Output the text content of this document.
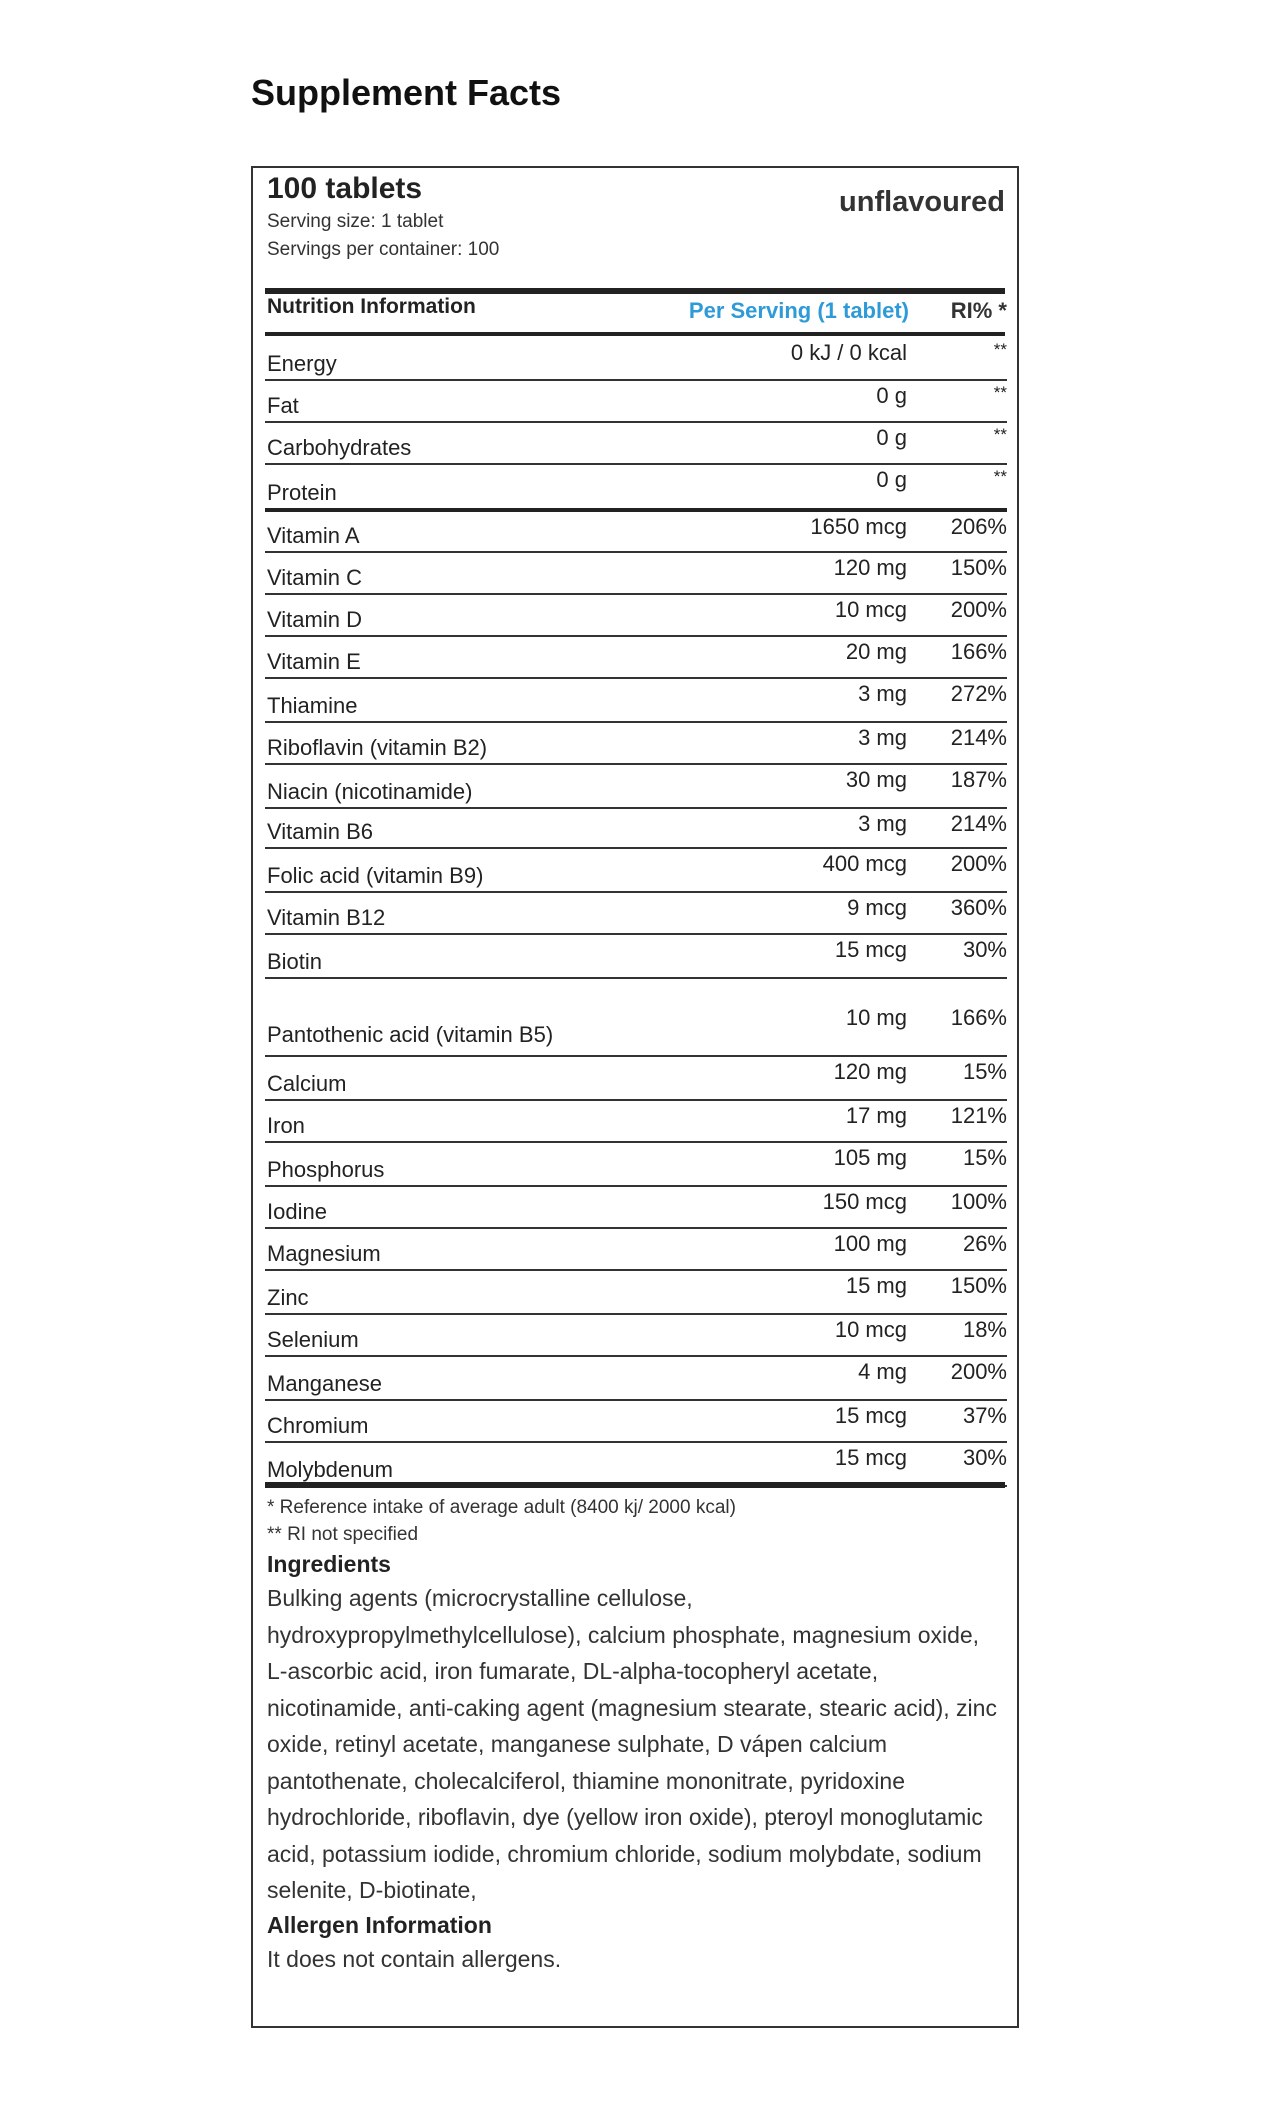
Supplement Facts
100 tablets
Serving size: 1 tablet
Servings per container: 100
unflavoured
Nutrition Information	Per Serving (1 tablet) RI% *
Energy	0 kJ / 0 kcal	**
Fat	0 g	**
Carbohydrates	0 g	**
Protein	0 g	**
Vitamin A	1650 mcg	206%
Vitamin C	120 mg	150%
Vitamin D	10 mcg	200%
Vitamin E	20 mg	166%
Thiamine	3 mg	272%
Riboflavin (vitamin B2)	3 mg	214%
Niacin (nicotinamide)	30 mg	187%
Vitamin B6	3 mg	214%
Folic acid (vitamin B9)	400 mcg	200%
Vitamin B12	9 mcg	360%
Biotin	15 mcg	30%
Pantothenic acid (vitamin B5)	10 mg	166%
Calcium	120 mg	15%
Iron	17 mg	121%
Phosphorus	105 mg	15%
Iodine	150 mcg	100%
Magnesium	100 mg	26%
Zinc	15 mg	150%
Selenium	10 mcg	18%
Manganese	4 mg	200%
Chromium	15 mcg	37%
Molybdenum	15 mcg	30%
* Reference intake of average adult (8400 kj/ 2000 kcal)
** RI not specified
Ingredients
Bulking agents (microcrystalline cellulose, hydroxypropylmethylcellulose), calcium phosphate, magnesium oxide, L-ascorbic acid, iron fumarate, DL-alpha-tocopheryl acetate, nicotinamide, anti-caking agent (magnesium stearate, stearic acid), zinc oxide, retinyl acetate, manganese sulphate, D vápen calcium pantothenate, cholecalciferol, thiamine mononitrate, pyridoxine hydrochloride, riboflavin, dye (yellow iron oxide), pteroyl monoglutamic acid, potassium iodide, chromium chloride, sodium molybdate, sodium selenite, D-biotinate,
Allergen Information
It does not contain allergens.
